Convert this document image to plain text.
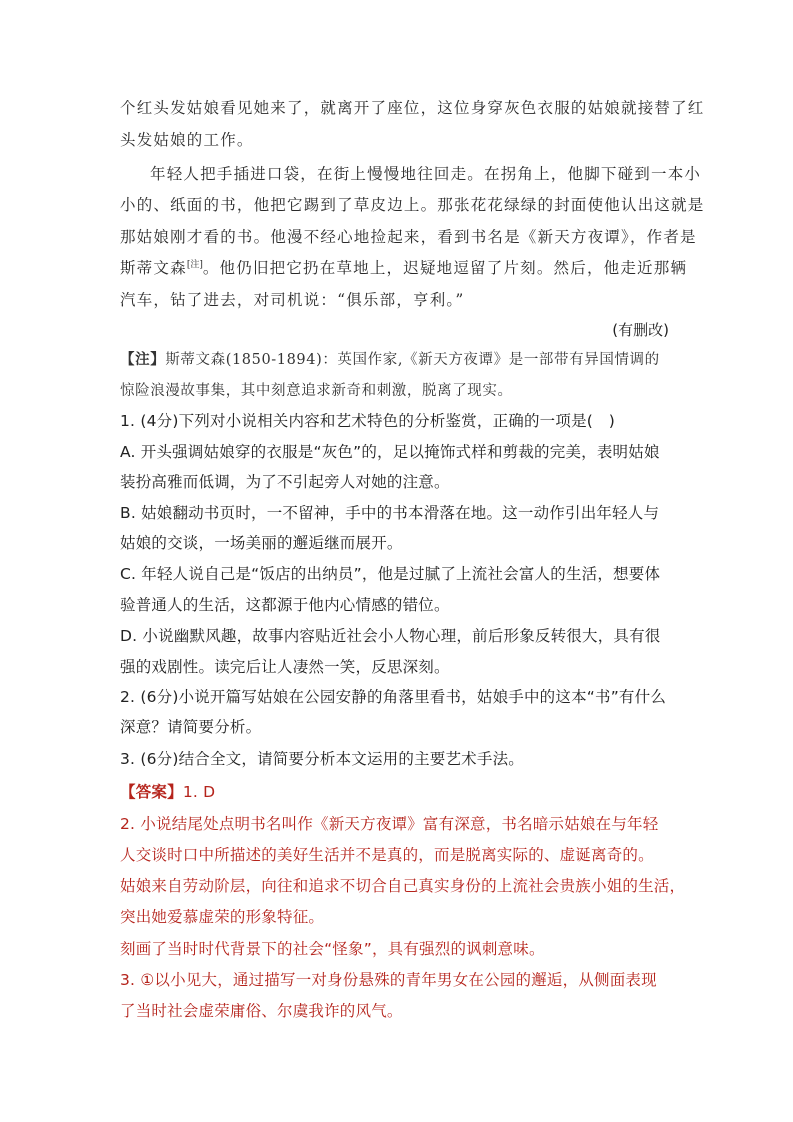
个红头发姑娘看见她来了，就离开了座位，这位身穿灰色衣服的姑娘就接替了红
头发姑娘的工作。
年轻人把手插进口袋，在街上慢慢地往回走。在拐角上，他脚下碰到一本小
小的、纸面的书，他把它踢到了草皮边上。那张花花绿绿的封面使他认出这就是
那姑娘刚才看的书。他漫不经心地捡起来，看到书名是《新天方夜谭》，作者是
斯蒂文森[注]。他仍旧把它扔在草地上，迟疑地逗留了片刻。然后，他走近那辆
汽车，钻了进去，对司机说：“俱乐部，亨利。”
(有删改)
【注】斯蒂文森(1850-1894)：英国作家,《新天方夜谭》是一部带有异国情调的
惊险浪漫故事集，其中刻意追求新奇和刺激，脱离了现实。
1. (4分)下列对小说相关内容和艺术特色的分析鉴赏，正确的一项是(　)
A. 开头强调姑娘穿的衣服是“灰色”的，足以掩饰式样和剪裁的完美，表明姑娘
装扮高雅而低调，为了不引起旁人对她的注意。
B. 姑娘翻动书页时，一不留神，手中的书本滑落在地。这一动作引出年轻人与
姑娘的交谈，一场美丽的邂逅继而展开。
C. 年轻人说自己是“饭店的出纳员”，他是过腻了上流社会富人的生活，想要体
验普通人的生活，这都源于他内心情感的错位。
D. 小说幽默风趣，故事内容贴近社会小人物心理，前后形象反转很大，具有很
强的戏剧性。读完后让人凄然一笑，反思深刻。
2. (6分)小说开篇写姑娘在公园安静的角落里看书，姑娘手中的这本“书”有什么
深意？请简要分析。
3. (6分)结合全文，请简要分析本文运用的主要艺术手法。
【答案】1. D
2. 小说结尾处点明书名叫作《新天方夜谭》富有深意，书名暗示姑娘在与年轻
人交谈时口中所描述的美好生活并不是真的，而是脱离实际的、虚诞离奇的。
姑娘来自劳动阶层，向往和追求不切合自己真实身份的上流社会贵族小姐的生活，
突出她爱慕虚荣的形象特征。
刻画了当时时代背景下的社会“怪象”，具有强烈的讽刺意味。
3. ①以小见大，通过描写一对身份悬殊的青年男女在公园的邂逅，从侧面表现
了当时社会虚荣庸俗、尔虞我诈的风气。
